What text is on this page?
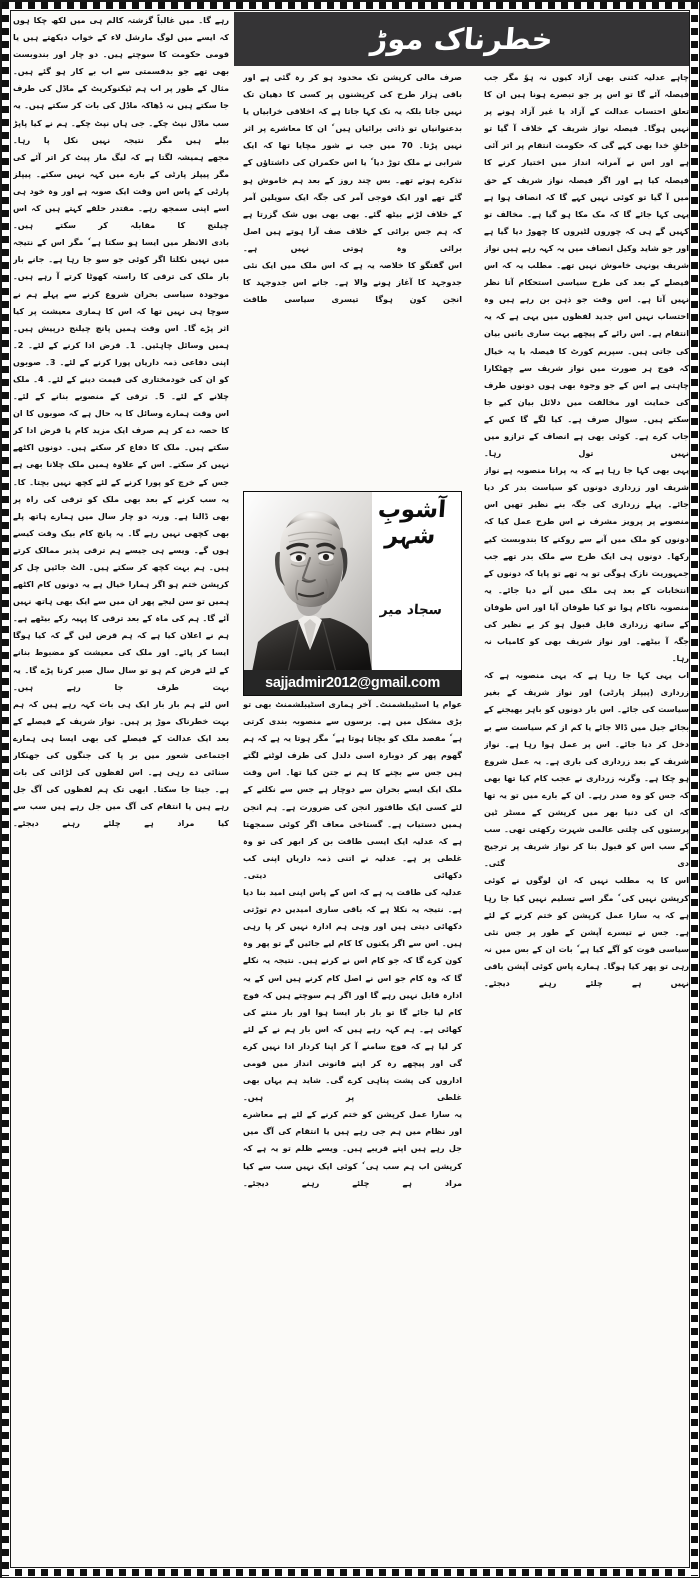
خطرناک موڑ

چاہے عدلیہ کتنی بھی آزاد کیوں نہ ہوٗ مگر جب فیصلہ آئے گا تو اس پر جو تبصرے ہونا ہیں ان کا تعلق احتساب عدالت کے آزاد یا غیر آزاد ہونے پر نہیں ہوگا۔ فیصلہ نواز شریف کے خلاف آ گیا تو خلقِ خدا بھی کہے گی کہ حکومت انتقام پر اتر آئی ہے اور اس نے آمرانہ انداز میں اختیار کرنے کا فیصلہ کیا ہے اور اگر فیصلہ نواز شریف کے حق میں آ گیا تو کوئی نہیں کہے گا کہ انصاف ہوا ہے یہی کہا جائے گا کہ مک مکا ہو گیا ہے۔ مخالف تو کہیں گے ہی کہ چوروں لٹیروں کا چھوڑ دیا گیا ہے اور جو شاید وکیل انصاف میں یہ کہہ رہے ہیں نواز شریف یونہی خاموش نہیں تھے۔ مطلب یہ کہ اس فیصلے کے بعد کی طرح سیاسی استحکام آتا نظر نہیں آتا ہے۔ اس وقت جو ذہن بن رہے ہیں وہ احتساب نہیں اس جدید لفظوں میں یہی ہے کہ یہ انتقام ہے۔ اس رائے کے پیچھے بہت ساری باتیں بیان کی جاتی ہیں۔ سپریم کورٹ کا فیصلہ یا یہ خیال کہ فوج ہر صورت میں نواز شریف سے چھٹکارا چاہتی ہے اس کے جو وجوہ بھی ہوں دونوں طرف کی حمایت اور مخالفت میں دلائل بیان کیے جا سکتے ہیں۔ سوال صرف ہے۔ کیا لگے گا کس کے جاب کرے ہے۔ کوئی بھی ہے انصاف کے ترازو میں نہیں تول رہا۔

یہی بھی کہا جا رہا ہے کہ یہ پرانا منصوبہ ہے نواز شریف اور زرداری دونوں کو سیاست بدر کر دیا جائے۔ پہلے زرداری کی جگہ بنے نظیر تھیں اس منصوبے پر پرویز مشرف نے اس طرح عمل کیا کہ دونوں کو ملک میں آنے سے روکنے کا بندوبست کیے رکھا۔ دونوں ہی ایک طرح سے ملک بدر تھے جب جمہوریت نازک ہوگی تو یہ تھے تو پایا کہ دونوں کے انتخابات کے بعد ہی ملک میں آنے دیا جائے۔ یہ منصوبہ ناکام ہوا تو کیا طوفان آیا اور اس طوفان کے ساتھ زرداری قابل قبول ہو کر بے نظیر کی جگہ آ بیٹھے۔ اور نواز شریف بھی کو کامیاب نہ رہا۔

اب یہی کہا جا رہا ہے کہ یہی منصوبہ ہے کہ زرداری (پیپلز پارٹی) اور نواز شریف کے بغیر سیاست کی جائے۔ اس بار دونوں کو باہر بھیجنے کے بجائے جیل میں ڈالا جائے یا کم از کم سیاست سے بے دخل کر دیا جائے۔ اس پر عمل ہوا رہا ہے۔ نواز شریف کے بعد زرداری کی باری ہے۔ یہ عمل شروع ہو چکا ہے۔ وگرنہ زرداری نے عجب کام کیا تھا بھی کہ جس کو وہ صدر رہے۔ ان کے بارے میں تو یہ تھا کہ ان کی دنیا بھر میں کرپشن کے مسٹر ٹین پرستوں کی چلتی عالمی شہرت رکھتی تھی۔ سب کے سب اس کو قبول بنا کر نواز شریف پر ترجیح دی گئی۔

اس کا یہ مطلب نہیں کہ ان لوگوں نے کوئی کرپشن نہیں کی ٗ مگر اسے تسلیم نہیں کیا جا رہا ہے کہ یہ سارا عمل کرپشن کو ختم کرنے کے لئے ہے۔ جس نے تیسرے آپشن کے طور پر جس نئی سیاسی قوت کو آگے کیا ہے ٗ بات ان کے بس میں نہ رہی تو پھر کیا ہوگا۔ ہمارے پاس کوئی آپشن باقی نہیں ہے چلئے رہنے دیجئے۔

صرف مالی کرپشن تک محدود ہو کر رہ گئی ہے اور باقی ہزار طرح کی کرپشنوں پر کسی کا دھیان تک نہیں جاتا بلکہ یہ تک کہا جاتا ہے کہ اخلاقی خرابیاں یا بدعنوانیاں تو ذاتی برائیاں ہیں ٗ ان کا معاشرے پر اثر نہیں پڑتا۔ 70 میں جب نے شور مچایا تھا کہ ایک شرابی نے ملک توڑ دیا ٗ یا اس حکمران کی داشتاؤں کے تذکرے ہوتے تھے۔ بس چند روز کے بعد ہم خاموش ہو گئے تھے اور ایک فوجی آمر کی جگہ ایک سویلین آمر کے خلاف لڑنے بیٹھ گئے۔ بھی بھی یوں شک گزرتا ہے کہ ہم جس برائی کے خلاف صف آرا ہوتے ہیں اصل برائی وہ ہوتی نہیں ہے۔

اس گفتگو کا خلاصہ یہ ہے کہ اس ملک میں ایک نئی جدوجہد کا آغاز ہونے والا ہے۔ جانے اس جدوجہد کا انجن کون ہوگا تیسری سیاسی طاقت

عوام یا اسٹیبلشمنٹ۔ آخر ہماری اسٹیبلشمنٹ بھی تو بڑی مشکل میں ہے۔ برسوں سے منصوبہ بندی کرتی ہے ٗ مقصد ملک کو بچانا ہوتا ہے ٗ مگر ہوتا یہ ہے کہ ہم گھوم پھر کر دوبارہ اسی دلدل کی طرف لوٹنے لگتے ہیں جس سے بچنے کا ہم نے جتن کیا تھا۔ اس وقت ملک ایک ایسے بحران سے دوچار ہے جس سے نکلنے کے لئے کسی ایک طاقتور انجن کی ضرورت ہے۔ ہم انجن ہمیں دستیاب ہے۔ گستاخی معاف اگر کوئی سمجھتا ہے کہ عدلیہ ایک ایسی طاقت بن کر ابھر کی تو وہ غلطی پر ہے۔ عدلیہ نے اتنی ذمہ داریاں اپنی کب دکھائی دیتی۔

عدلیہ کی طاقت یہ ہے کہ اس کے پاس اپنی امید بنا دیا ہے۔ نتیجہ یہ نکلا ہے کہ باقی ساری امیدیں دم توڑتی دکھائی دیتی ہیں اور وہی ہم ادارہ نہیں کر پا رہی ہیں۔ اس سے اگر یکنوں کا کام لیے جائیں گے تو پھر وہ کون کرے گا کہ جو کام اس نے کرنے ہیں۔ نتیجہ یہ نکلے گا کہ وہ کام جو اس نے اصل کام کرنے ہیں اس کے یہ ادارہ قابل نہیں رہے گا اور اگر ہم سوچتے ہیں کہ فوج کام لیا جائے گا تو بار بار ایسا ہوا اور بار منتے کی کھائی ہے۔ ہم کہہ رہے ہیں کہ اس بار ہم نے کے لئے کر لیا ہے کہ فوج سامنے آ کر اپنا کردار ادا نہیں کرے گی اور پیچھے رہ کر اپنے قانونی انداز میں قومی اداروں کی پشت پناہی کرے گی۔ شاید ہم یہاں بھی غلطی پر ہیں۔

یہ سارا عمل کرپشن کو ختم کرنے کے لئے ہے معاشرے اور نظام میں ہم جی رہے ہیں یا انتقام کی آگ میں جل رہے ہیں اپنے قریبے ہیں۔ ویسے ظلم تو یہ ہے کہ کرپشن اب ہم سب ہی ٗ کوئی ایک نہیں سب سے کیا مراد ہے چلئے رہنے دیجئے۔

رہے گا۔ میں غالباً گزشتہ کالم ہی میں لکھ چکا ہوں کہ ایسے میں لوگ مارشل لاء کے خواب دیکھتے ہیں یا قومی حکومت کا سوچتے ہیں۔ دو چار اور بندوبست بھی تھے جو بدقسمتی سے اب بے کار ہو گئے ہیں۔ مثال کے طور پر اب ہم ٹیکنوکریٹ کے ماڈل کی طرف جا سکتے ہیں نہ ڈھاکہ ماڈل کی بات کر سکتے ہیں۔ یہ سب ماڈل نپٹ چکے۔ جی ہاں نپٹ چکے۔ ہم نے کیا پاپڑ بیلے ہیں مگر نتیجہ نہیں نکل پا رہا۔

مجھے ہمیشہ لگتا ہے کہ لیگ مار پیٹ کر اتر آئے کی مگر پیپلز پارٹی کے بارے میں کہہ نہیں سکتے۔ پیپلز پارٹی کے پاس اس وقت ایک صوبہ ہے اور وہ خود ہی اسے اپنی سمجھ رہے۔ مقتدر حلقے کہتے ہیں کہ اس چیلنج کا مقابلہ کر سکتے ہیں۔

بادی الانظر میں ایسا ہو سکتا ہے ٗ مگر اس کے نتیجہ میں نہیں نکلتا اگر کوئی جو سو جا رہا ہے۔ جانے بار بار ملک کی ترقی کا راستہ کھوٹا کرتے آ رہے ہیں۔ موجودہ سیاسی بحران شروع کرنے سے پہلے ہم نے سوچا ہی نہیں تھا کہ اس کا ہماری معیشت پر کیا اثر پڑے گا۔ اس وقت ہمیں پانچ چیلنج درپیش ہیں۔ ہمیں وسائل چاہئیں۔ 1۔ قرض ادا کرنے کے لئے۔ 2۔ اپنی دفاعی ذمہ داریاں پورا کرنے کے لئے۔ 3۔ صوبوں کو ان کی خودمختاری کی قیمت دینے کے لئے۔ 4۔ ملک چلانے کے لئے۔ 5۔ ترقی کے منصوبے بنانے کے لئے۔

اس وقت ہمارے وسائل کا یہ حال ہے کہ صوبوں کا ان کا حصہ دے کر ہم صرف ایک مزید کام یا قرض ادا کر سکتے ہیں۔ ملک کا دفاع کر سکتے ہیں۔ دونوں اکٹھے نہیں کر سکتے۔ اس کے علاوہ ہمیں ملک چلانا بھی ہے جس کے خرچ کو پورا کرنے کے لئے کچھ نہیں بچتا۔ کا۔ یہ سب کرنے کے بعد بھی ملک کو ترقی کی راہ پر بھی ڈالنا ہے۔ ورنہ دو چار سال میں ہمارے ہاتھ پلے بھی کچھی نہیں رہے گا۔ یہ پانچ کام بیک وقت کیسے ہوں گے۔ ویسے ہی جیسے ہم ترقی پذیر ممالک کرتے ہیں۔ ہم بہت کچھ کر سکتے ہیں۔ الٹ جائیں چل کر کرپشن ختم ہو اگر ہمارا خیال ہے یہ دونوں کام اکٹھے ہمیں تو سن لیجے پھر ان میں سے ایک بھی ہاتھ نہیں آئے گا۔ ہم کی ماہ کے بعد ترقی کا پہیہ رکے بیٹھے ہے۔ ہم نے اعلان کیا ہے کہ ہم قرض لیں گے کہ کیا ہوگا ایسا کر پائے۔ اور ملک کی معیشت کو مضبوط بنانے کے لئے قرض کم ہو تو سال سال صبر کرنا پڑے گا۔ یہ بہت طرف جا رہے ہیں۔

اس لئے ہم بار بار ایک ہی بات کہہ رہے ہیں کہ ہم بہت خطرناک موڑ پر ہیں۔ نواز شریف کے فیصلے کے بعد ایک عدالت کے فیصلے کی بھی ایسا ہی ہمارے اجتماعی شعور میں بر پا کی جنگوں کی جھنکار سنائی دے رہی ہے۔ اس لفظوں کی لڑائی کی بات ہے۔ جیتا جا سکتا۔ ابھی تک ہم لفظوں کی آگ جل رہے ہیں یا انتقام کی آگ میں جل رہے ہیں سب سے کیا مراد ہے چلئے رہنے دیجئے۔

آشوبِ شہر
سجاد میر
sajjadmir2012@gmail.com
